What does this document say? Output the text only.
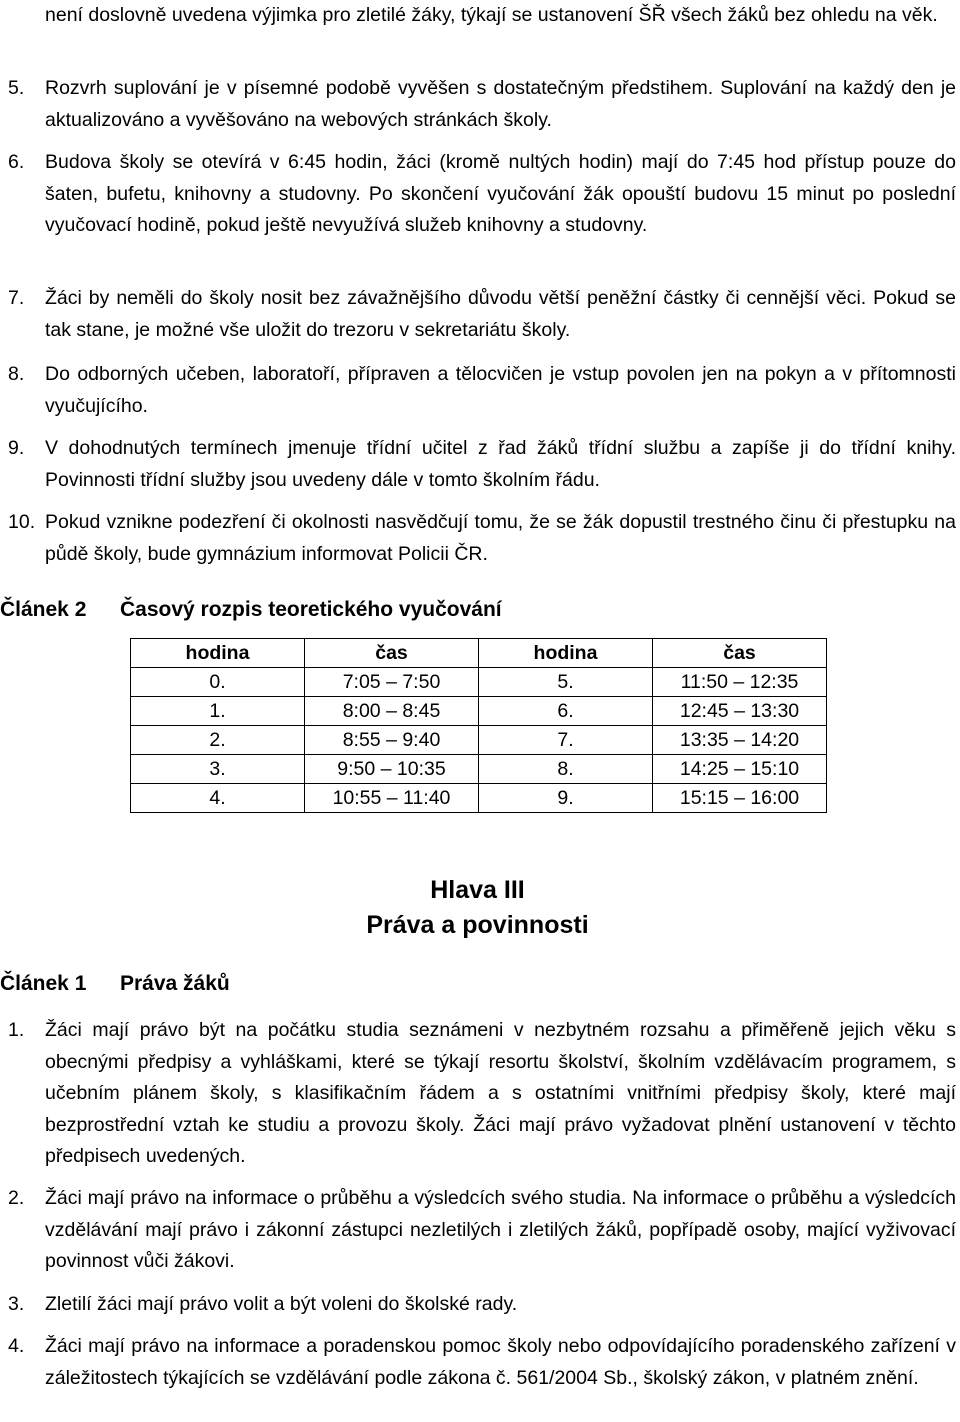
není doslovně uvedena výjimka pro zletilé žáky, týkají se ustanovení ŠŘ všech žáků bez ohledu na věk.
5.	Rozvrh suplování je v písemné podobě vyvěšen s dostatečným předstihem. Suplování na každý den je aktualizováno a vyvěšováno na webových stránkách školy.
6.	Budova školy se otevírá v 6:45 hodin, žáci (kromě nultých hodin) mají do 7:45 hod přístup pouze do šaten, bufetu, knihovny a studovny. Po skončení vyučování žák opouští budovu 15 minut po poslední vyučovací hodině, pokud ještě nevyužívá služeb knihovny a studovny.
7.	Žáci by neměli do školy nosit bez závažnějšího důvodu větší peněžní částky či cennější věci. Pokud se tak stane, je možné vše uložit do trezoru v sekretariátu školy.
8.	Do odborných učeben, laboratoří, přípraven a tělocvičen je vstup povolen jen na pokyn a v přítomnosti vyučujícího.
9.	V dohodnutých termínech jmenuje třídní učitel z řad žáků třídní službu a zapíše ji do třídní knihy. Povinnosti třídní služby jsou uvedeny dále v tomto školním řádu.
10. Pokud vznikne podezření či okolnosti nasvědčují tomu, že se žák dopustil trestného činu či přestupku na půdě školy, bude gymnázium informovat Policii ČR.
Článek 2 Časový rozpis teoretického vyučování
hodina	čas	hodina	čas
0.	7:05 – 7:50	5.	11:50 – 12:35
1.	8:00 – 8:45	6.	12:45 – 13:30
2.	8:55 – 9:40	7.	13:35 – 14:20
3.	9:50 – 10:35	8.	14:25 – 15:10
4.	10:55 – 11:40	9.	15:15 – 16:00
Hlava III
Práva a povinnosti
Článek 1 Práva žáků
1.	Žáci mají právo být na počátku studia seznámeni v nezbytném rozsahu a přiměřeně jejich věku s obecnými předpisy a vyhláškami, které se týkají resortu školství, školním vzdělávacím programem, s učebním plánem školy, s klasifikačním řádem a s ostatními vnitřními předpisy školy, které mají bezprostřední vztah ke studiu a provozu školy. Žáci mají právo vyžadovat plnění ustanovení v těchto předpisech uvedených.
2.	Žáci mají právo na informace o průběhu a výsledcích svého studia. Na informace o průběhu a výsledcích vzdělávání mají právo i zákonní zástupci nezletilých i zletilých žáků, popřípadě osoby, mající vyživovací povinnost vůči žákovi.
3.	Zletilí žáci mají právo volit a být voleni do školské rady.
4.	Žáci mají právo na informace a poradenskou pomoc školy nebo odpovídajícího poradenského zařízení v záležitostech týkajících se vzdělávání podle zákona č. 561/2004 Sb., školský zákon, v platném znění.
